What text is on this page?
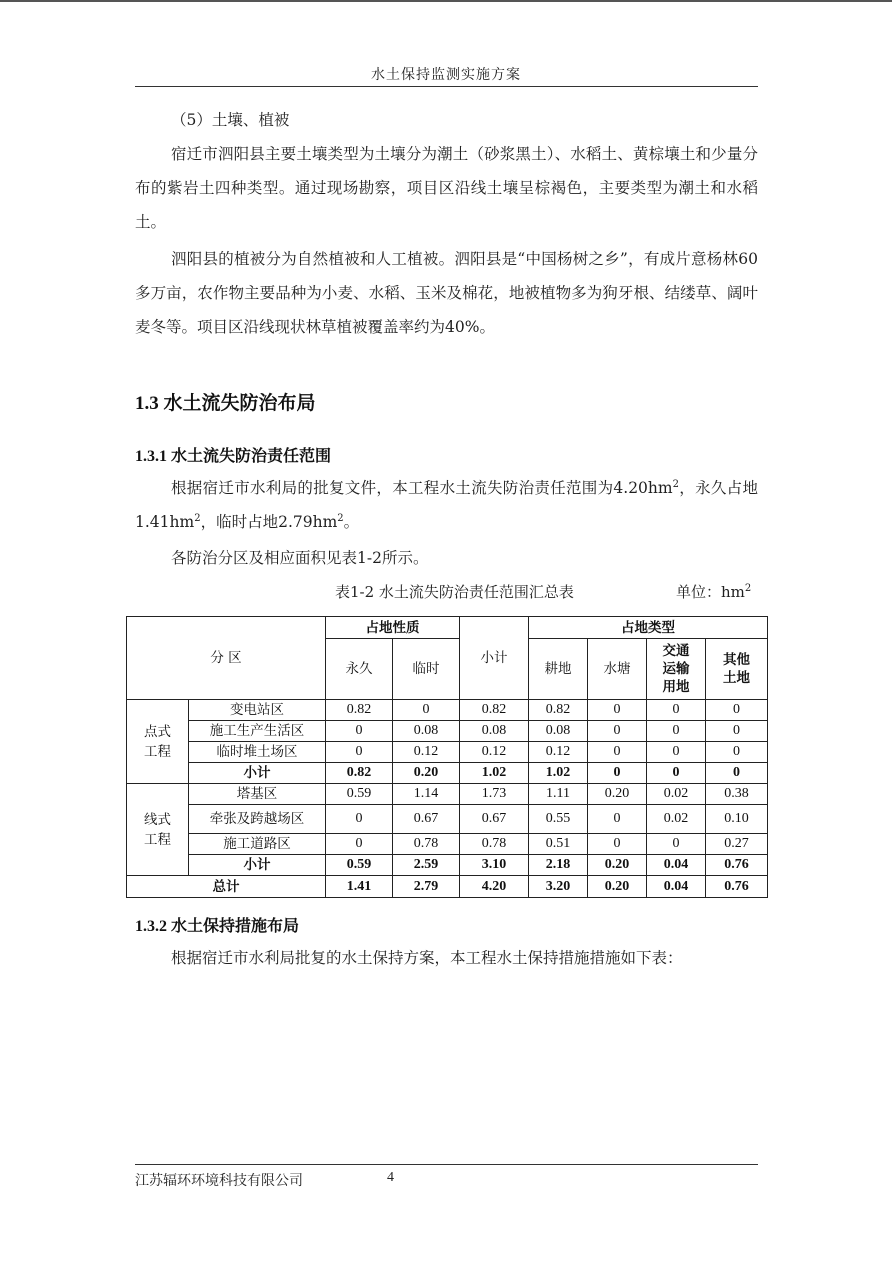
水土保持监测实施方案

（5）土壤、植被

宿迁市泗阳县主要土壤类型为土壤分为潮土（砂浆黑土）、水稻土、黄棕壤土和少量分布的紫岩土四种类型。通过现场勘察，项目区沿线土壤呈棕褐色，主要类型为潮土和水稻土。

泗阳县的植被分为自然植被和人工植被。泗阳县是“中国杨树之乡”，有成片意杨林60多万亩，农作物主要品种为小麦、水稻、玉米及棉花，地被植物多为狗牙根、结缕草、阔叶麦冬等。项目区沿线现状林草植被覆盖率约为40%。

1.3 水土流失防治布局
1.3.1 水土流失防治责任范围

根据宿迁市水利局的批复文件，本工程水土流失防治责任范围为$4.20hm^2$，永久占地$1.41hm^2$，临时占地$2.79hm^2$。

各防治分区及相应面积见表1-2所示。

表1-2 水土流失防治责任范围汇总表	单位：$hm^2$
分 区		占地性质		小计	占地类型			
		永久	临时		耕地	水塘	交通运输用地	其他土地
点式工程	变电站区	0.82	0	0.82	0.82	0	0	0
	施工生产生活区	0	0.08	0.08	0.08	0	0	0
	临时堆土场区	0	0.12	0.12	0.12	0	0	0
	小计	0.82	0.20	1.02	1.02	0	0	0
线式工程	塔基区	0.59	1.14	1.73	1.11	0.20	0.02	0.38
	牵张及跨越场区	0	0.67	0.67	0.55	0	0.02	0.10
	施工道路区	0	0.78	0.78	0.51	0	0	0.27
	小计	0.59	2.59	3.10	2.18	0.20	0.04	0.76
总计		1.41	2.79	4.20	3.20	0.20	0.04	0.76
1.3.2 水土保持措施布局

根据宿迁市水利局批复的水土保持方案，本工程水土保持措施措施如下表：

江苏辐环环境科技有限公司	4
